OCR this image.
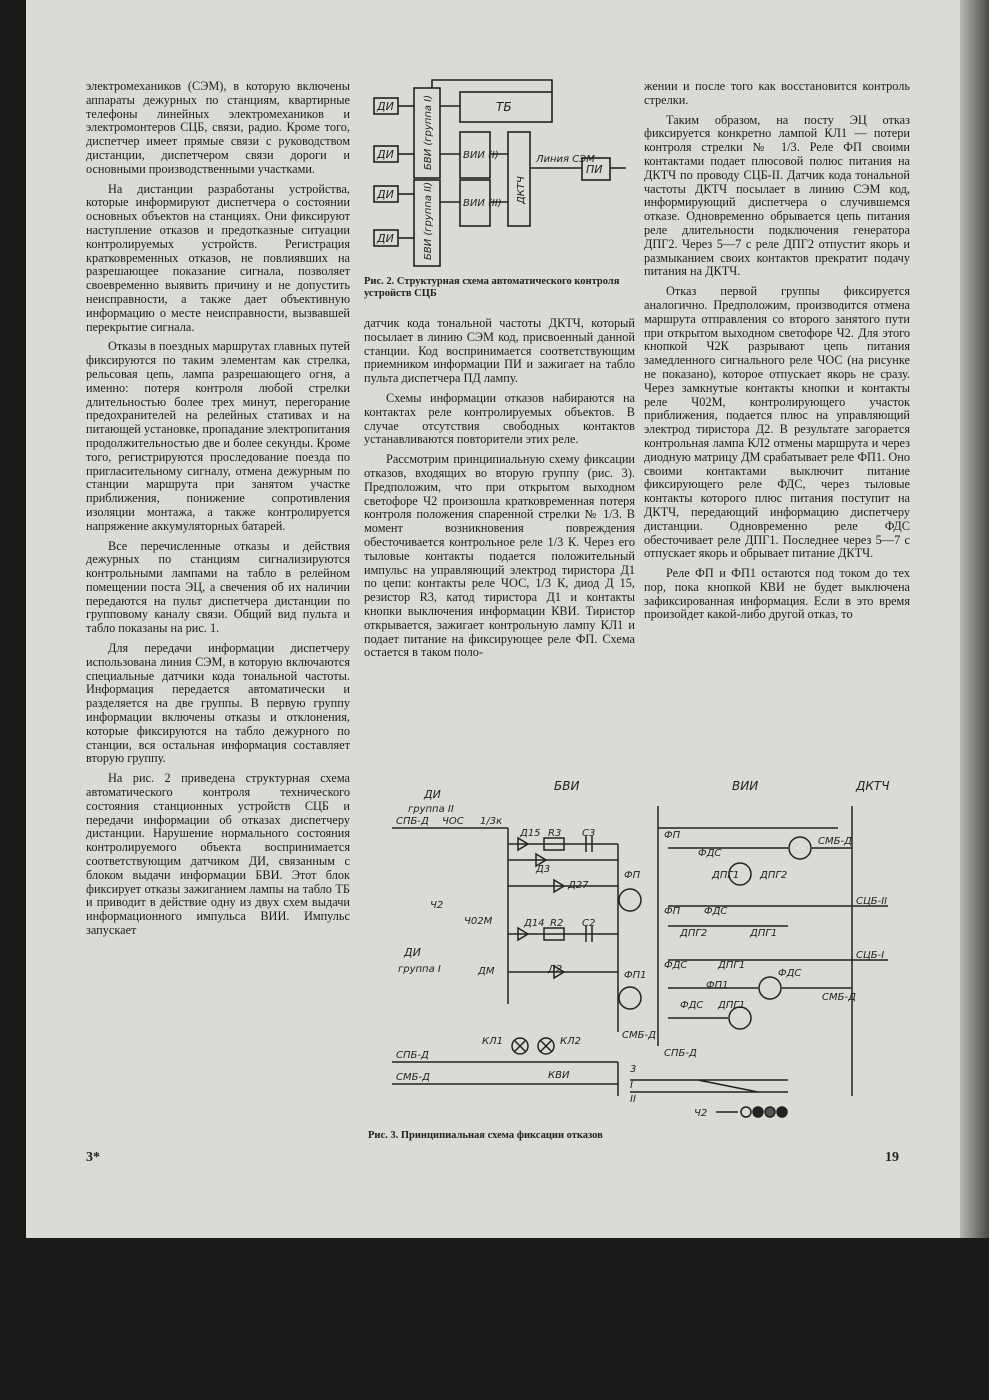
электромехаников (СЭМ), в которую включены аппараты дежурных по станциям, квартирные телефоны линейных электромехаников и электромонтеров СЦБ, связи, радио. Кроме того, диспетчер имеет прямые связи с руководством дистанции, диспетчером связи дороги и основными производственными участками.

На дистанции разработаны устройства, которые информируют диспетчера о состоянии основных объектов на станциях. Они фиксируют наступление отказов и предотказные ситуации контролируемых устройств. Регистрация кратковременных отказов, не повлиявших на разрешающее показание сигнала, позволяет своевременно выявить причину и не допустить неисправности, а также дает объективную информацию о месте неисправности, вызвавшей перекрытие сигнала.

Отказы в поездных маршрутах главных путей фиксируются по таким элементам как стрелка, рельсовая цепь, лампа разрешающего огня, а именно: потеря контроля любой стрелки длительностью более трех минут, перегорание предохранителей на релейных стативах и на питающей установке, пропадание электропитания продолжительностью две и более секунды. Кроме того, регистрируются проследование поезда по пригласительному сигналу, отмена дежурным по станции маршрута при занятом участке приближения, понижение сопротивления изоляции монтажа, а также контролируется напряжение аккумуляторных батарей.

Все перечисленные отказы и действия дежурных по станциям сигнализируются контрольными лампами на табло в релейном помещении поста ЭЦ, а свечения об их наличии передаются на пульт диспетчера дистанции по групповому каналу связи. Общий вид пульта и табло показаны на рис. 1.

Для передачи информации диспетчеру использована линия СЭМ, в которую включаются специальные датчики кода тональной частоты. Информация передается автоматически и разделяется на две группы. В первую группу информации включены отказы и отклонения, которые фиксируются на табло дежурного по станции, вся остальная информация составляет вторую группу.

На рис. 2 приведена структурная схема автоматического контроля технического состояния станционных устройств СЦБ и передачи информации об отказах диспетчеру дистанции. Нарушение нормального состояния контролируемого объекта воспринимается соответствующим датчиком ДИ, связанным с блоком выдачи информации БВИ. Этот блок фиксирует отказы зажиганием лампы на табло ТБ и приводит в действие одну из двух схем выдачи информационного импульса ВИИ. Импульс запускает

ДИ
ДИ
ДИ
ДИ
БВИ (группа I)
БВИ (группа II)
ТБ
ВИИ (I)
ВИИ (II) ДКТЧ
Линия СЭМ
ПИ
Рис. 2. Структурная схема автоматического контроля устройств СЦБ

датчик кода тональной частоты ДКТЧ, который посылает в линию СЭМ код, присвоенный данной станции. Код воспринимается соответствующим приемником информации ПИ и зажигает на табло пульта диспетчера ПД лампу.

Схемы информации отказов набираются на контактах реле контролируемых объектов. В случае отсутствия свободных контактов устанавливаются повторители этих реле.

Рассмотрим принципиальную схему фиксации отказов, входящих во вторую группу (рис. 3). Предположим, что при открытом выходном светофоре Ч2 произошла кратковременная потеря контроля положения спаренной стрелки № 1/3. В момент возникновения повреждения обесточивается контрольное реле 1/3 К. Через его тыловые контакты подается положительный импульс на управляющий электрод тиристора Д1 по цепи: контакты реле ЧОС, 1/3 К, диод Д 15, резистор R3, катод тиристора Д1 и контакты кнопки выключения информации КВИ. Тиристор открывается, зажигает контрольную лампу КЛ1 и подает питание на фиксирующее реле ФП. Схема остается в таком поло-

жении и после того как восстановится контроль стрелки.

Таким образом, на посту ЭЦ отказ фиксируется конкретно лампой КЛ1 — потери контроля стрелки № 1/3. Реле ФП своими контактами подает плюсовой полюс питания на ДКТЧ по проводу СЦБ-II. Датчик кода тональной частоты ДКТЧ посылает в линию СЭМ код, информирующий диспетчера о случившемся отказе. Одновременно обрывается цепь питания реле длительности подключения генератора ДПГ2. Через 5—7 с реле ДПГ2 отпустит якорь и размыканием своих контактов прекратит подачу питания на ДКТЧ.

Отказ первой группы фиксируется аналогично. Предположим, производится отмена маршрута отправления со второго занятого пути при открытом выходном светофоре Ч2. Для этого кнопкой Ч2К разрывают цепь питания замедленного сигнального реле ЧОС (на рисунке не показано), которое отпускает якорь не сразу. Через замкнутые контакты кнопки и контакты реле Ч02М, контролирующего участок приближения, подается плюс на управляющий электрод тиристора Д2. В результате загорается контрольная лампа КЛ2 отмены маршрута и через диодную матрицу ДМ срабатывает реле ФП1. Оно своими контактами выключит питание фиксирующего реле ФДС, через тыловые контакты которого плюс питания поступит на ДКТЧ, передающий информацию диспетчеру дистанции. Одновременно реле ФДС обесточивает реле ДПГ1. Последнее через 5—7 с отпускает якорь и обрывает питание ДКТЧ.

Реле ФП и ФП1 остаются под током до тех пор, пока кнопкой КВИ не будет выключена зафиксированная информация. Если в это время произойдет какой-либо другой отказ, то

ДИ
группа II
СПБ-Д ЧОС 1/3к
БВИ	ВИИ	ДКТЧ
Д15 R3 С3
Д3
Д27
ФП
ФП
ФДС
ДПГ1 ДПГ2
СМБ-Д
СЦБ-II
СЦБ-I
ФП ФДС
ДПГ2	ДПГ1
ФДС	ДПГ1
ФП1
ФДС
СМБ-Д
ФДС ДПГ1
Ч2
Ч02М	Д14 R2 С2
Д2
ДМ
ДИ
группа I
ФП1
КЛ1	КЛ2
СМБ-Д
СПБ-Д
СПБ-Д
СМБ-Д	КВИ
3
I
II
Ч2
Рис. 3. Принципиальная схема фиксации отказов
3*	19
